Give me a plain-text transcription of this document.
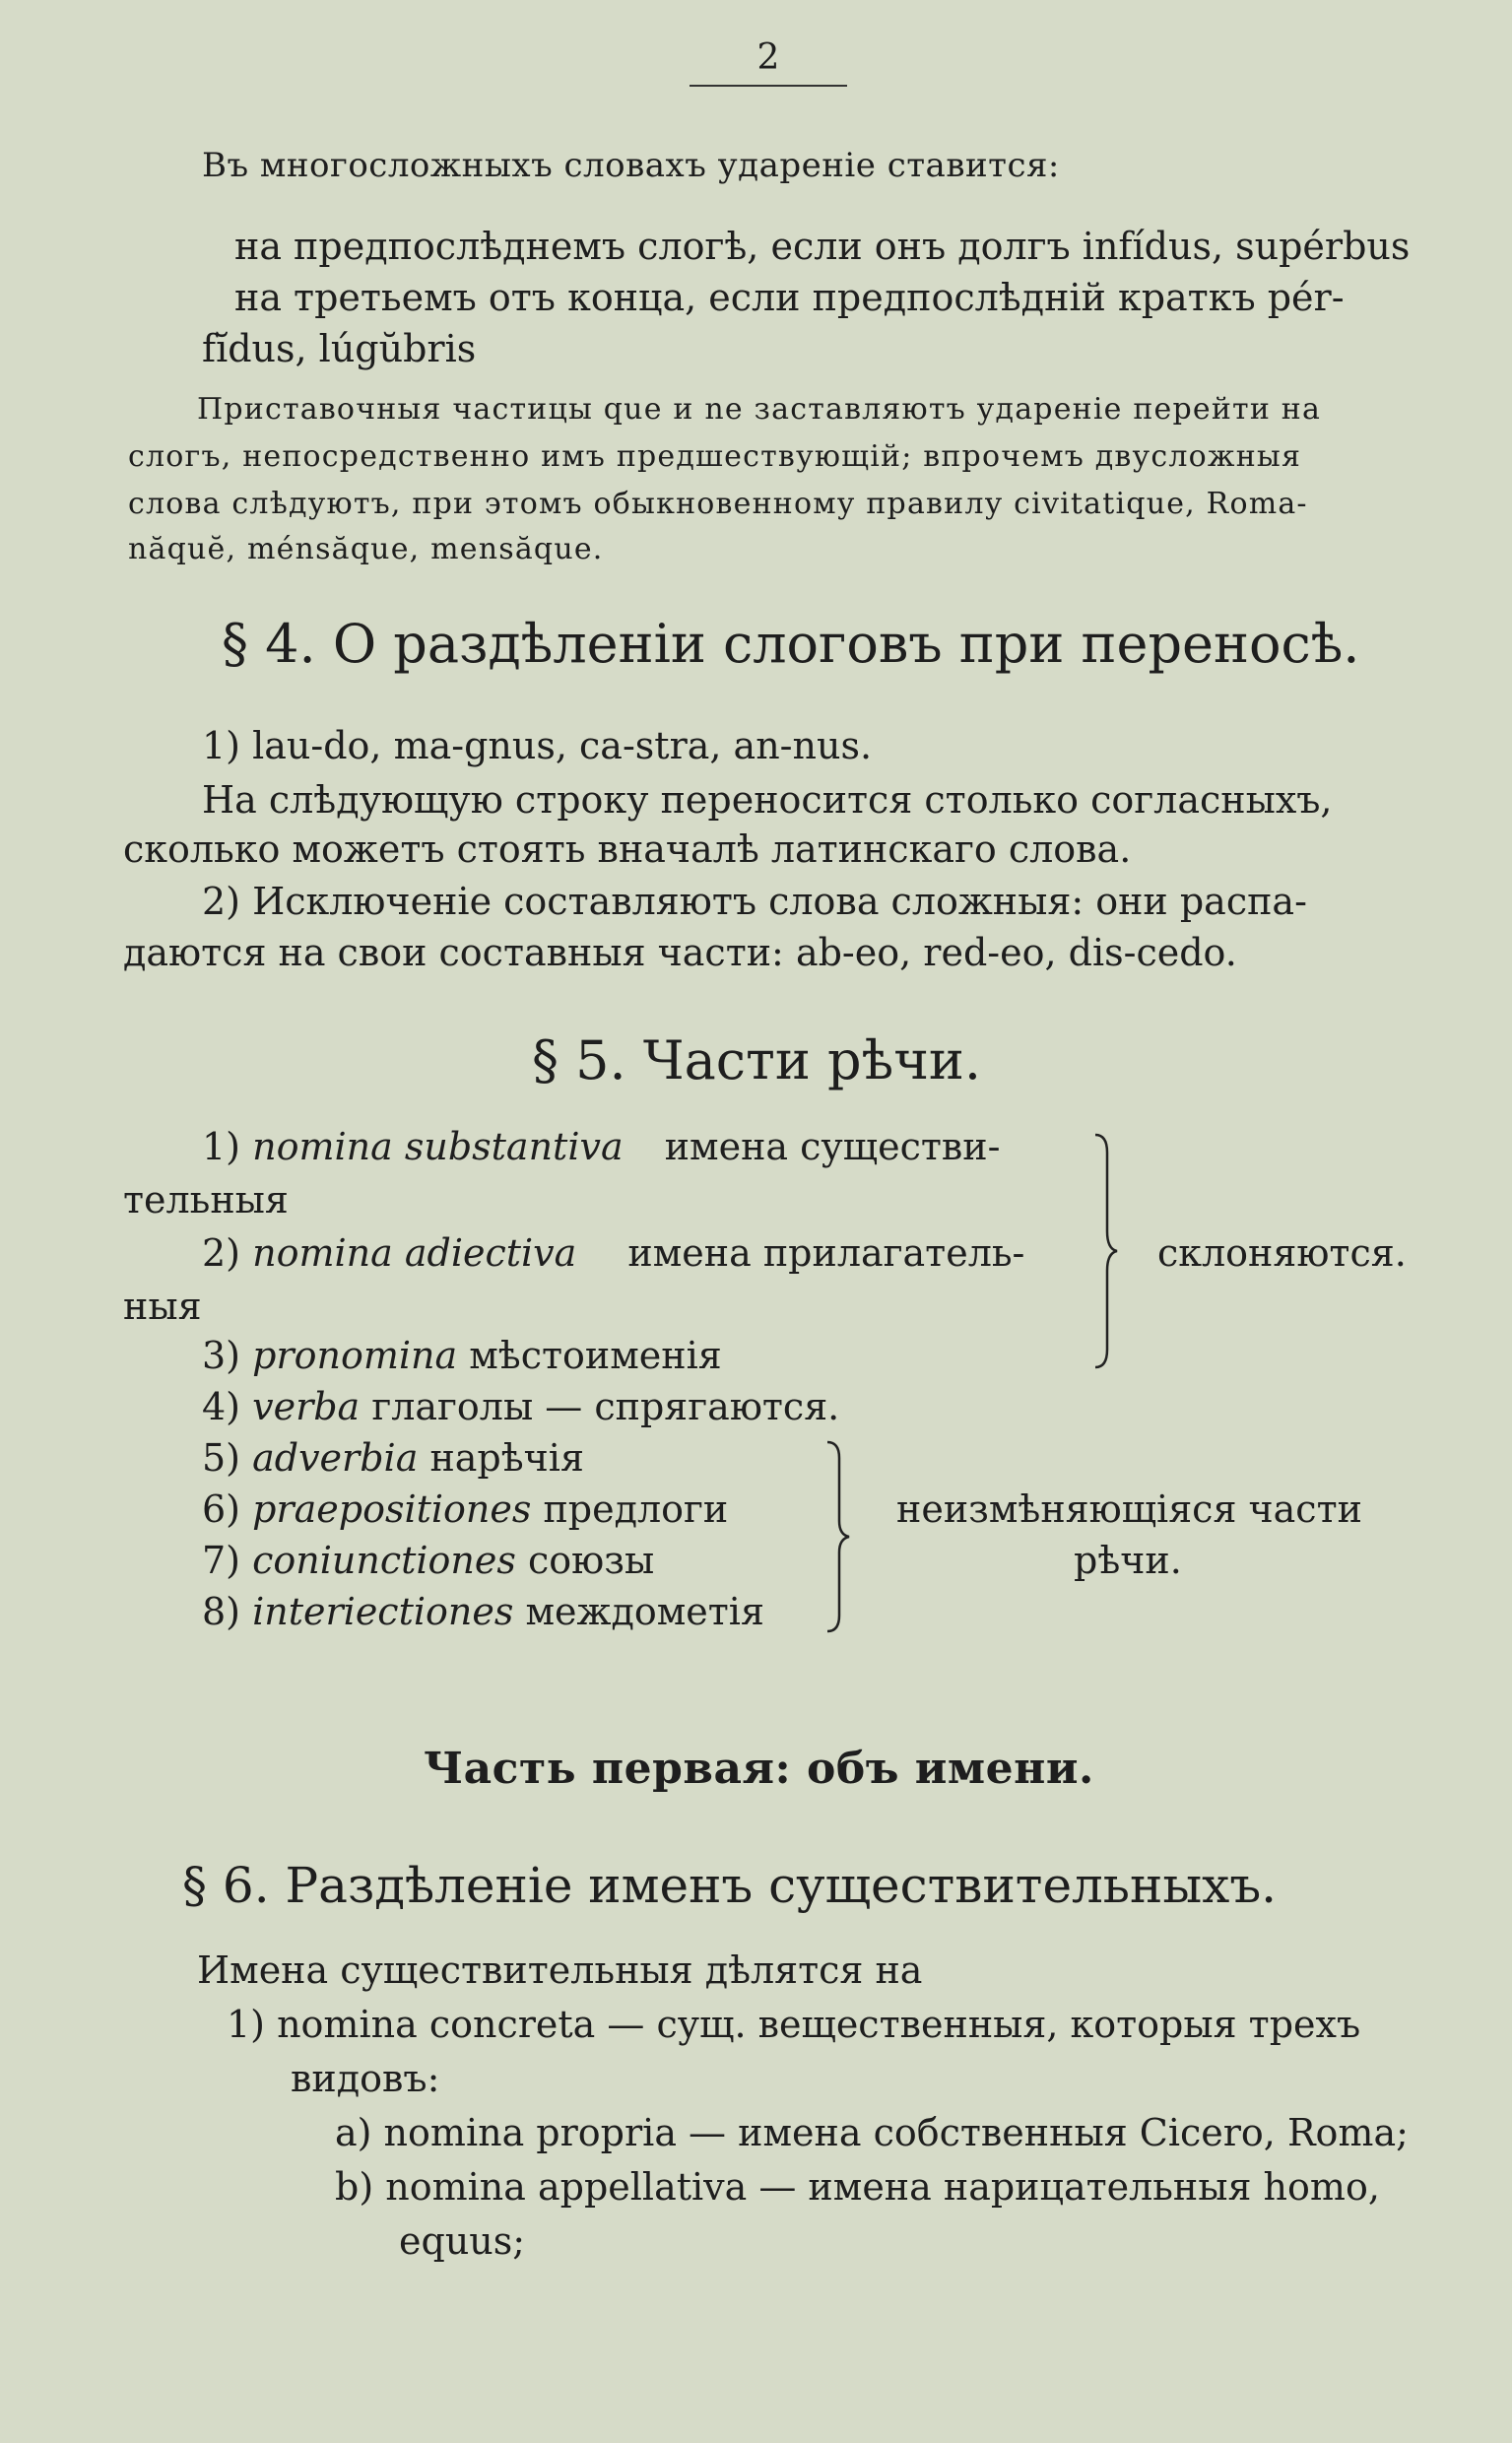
2

Въ многосложныхъ словахъ удареніе ставится:

на предпослѣднемъ слогѣ, если онъ долгъ infídus, supérbus

на третьемъ отъ конца, если предпослѣднiй краткъ pér-

fĭdus, lúgŭbris

Приставочныя частицы que и ne заставляютъ удареніе перейти на

слогъ, непосредственно имъ предшествующій; впрочемъ двусложныя

слова слѣдуютъ, при этомъ обыкновенному правилу civitatique, Roma-

năquĕ, ménsăque, mensăque.

§ 4. О раздѣленіи слоговъ при переносѣ.

1) lau-do, ma-gnus, ca-stra, an-nus.

На слѣдующую строку переносится столько согласныхъ,

сколько можетъ стоять вначалѣ латинскаго слова.

2) Исключеніе составляютъ слова сложныя: они распа-

даются на свои составныя части: ab-eo, red-eo, dis-cedo.

§ 5. Части рѣчи.
1) nomina substantiva имена существи-

тельныя

2) nomina adiectiva имена прилагатель-

ныя

склоняются.

3) pronomina мѣстоименія
4) verba глаголы — спрягаются.
5) adverbia нарѣчія
6) praepositiones предлоги
7) coniunctiones союзы
8) interiectiones междометія

неизмѣняющіяся части

рѣчи.

Часть первая: объ имени.
§ 6. Раздѣленіе именъ существительныхъ.

Имена существительныя дѣлятся на

1) nomina concreta — сущ. вещественныя, которыя трехъ

видовъ:

a) nomina propria — имена собственныя Cicero, Roma;

b) nomina appellativa — имена нарицательныя homo,

equus;
